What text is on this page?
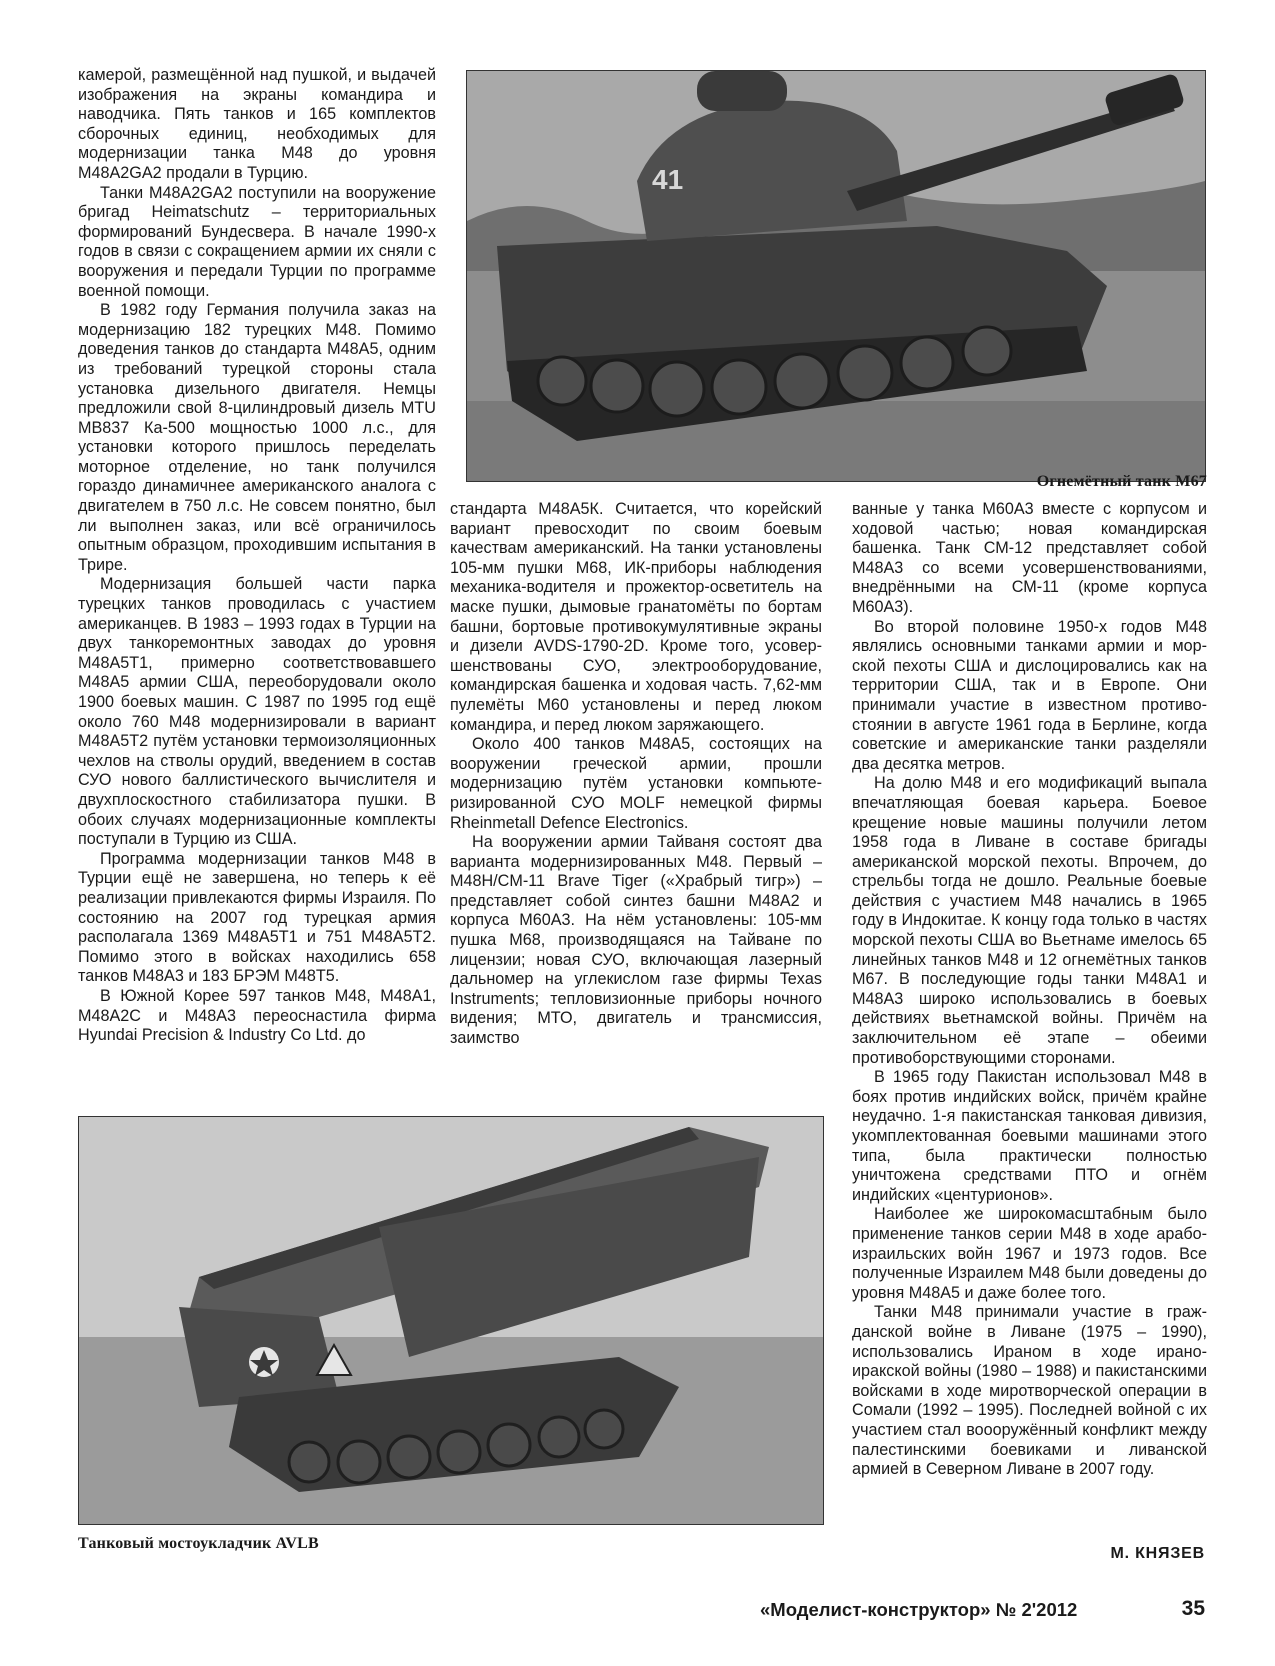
камерой, размещённой над пушкой, и выдачей изображения на экраны командира и наводчика. Пять танков и 165 комплектов сборочных единиц, необходимых для модернизации танка М48 до уровня M48A2GA2 продали в Турцию.

Танки M48A2GA2 поступили на вооружение бригад Heimatschutz – территориальных формирований Бундесвера. В начале 1990-х годов в связи с сокращением армии их сняли с вооружения и передали Турции по программе военной помощи.

В 1982 году Германия получила заказ на модернизацию 182 турецких М48. Помимо доведения танков до стандарта М48А5, одним из требований турецкой стороны стала установка дизельного двигателя. Немцы предложили свой 8-цилиндровый дизель MTU MB837 Ка-500 мощностью 1000 л.с., для установки которого пришлось переделать моторное отделение, но танк получился гораздо динамичнее американского аналога с двигателем в 750 л.с. Не совсем понятно, был ли выполнен заказ, или всё ограничилось опытным образцом, проходившим испытания в Трире.

Модернизация большей части парка турецких танков проводилась с участием американцев. В 1983 – 1993 годах в Турции на двух танкоремонтных заводах до уровня М48А5Т1, примерно соответствовавшего М48А5 армии США, переоборудовали около 1900 боевых машин. С 1987 по 1995 год ещё около 760 М48 модернизировали в вариант М48А5Т2 путём установки термоизоляционных чехлов на стволы орудий, введением в состав СУО нового баллистического вычислителя и двухплоскостного стабилизатора пушки. В обоих случаях модернизационные комплекты поступали в Турцию из США.

Программа модернизации танков М48 в Турции ещё не завершена, но теперь к её реализации привлекаются фирмы Израиля. По состоянию на 2007 год турецкая армия располагала 1369 М48А5Т1 и 751 М48А5Т2. Помимо этого в войсках находились 658 танков М48А3 и 183 БРЭМ М48Т5.

В Южной Корее 597 танков М48, М48А1, М48А2С и М48А3 переоснастила фирма Hyundai Precision & Industry Co Ltd. до

41
Огнемётный танк М67

стандарта М48А5К. Считается, что корейский вариант превосходит по своим боевым качествам американский. На танки установлены 105-мм пушки М68, ИК-приборы наблюдения механика-водителя и прожектор-осветитель на маске пушки, дымовые гранатомёты по бортам башни, бортовые противокумулятивные экраны и дизели AVDS-1790-2D. Кроме того, усовершенствованы СУО, электрооборудование, командирская башенка и ходовая часть. 7,62-мм пулемёты М60 установлены и перед люком командира, и перед люком заряжающего.

Около 400 танков М48А5, состоящих на вооружении греческой армии, прошли модернизацию путём установки компьютеризированной СУО MOLF немецкой фирмы Rheinmetall Defence Electronics.

На вооружении армии Тайваня состоят два варианта модернизированных М48. Первый – M48H/CM-11 Brave Tiger («Храбрый тигр») – представляет собой синтез башни М48А2 и корпуса М60А3. На нём установлены: 105-мм пушка М68, производящаяся на Тайване по лицензии; новая СУО, включающая лазерный дальномер на углекислом газе фирмы Texas Instruments; тепловизионные приборы ночного видения; МТО, двигатель и трансмиссия, заимство

ванные у танка М60А3 вместе с корпусом и ходовой частью; новая командирская башенка. Танк СМ-12 представляет собой М48А3 со всеми усовершенствованиями, внедрёнными на СМ-11 (кроме корпуса М60А3).

Во второй половине 1950-х годов М48 являлись основными танками армии и морской пехоты США и дислоцировались как на территории США, так и в Европе. Они принимали участие в известном противостоянии в августе 1961 года в Берлине, когда советские и американские танки разделяли два десятка метров.

На долю М48 и его модификаций выпала впечатляющая боевая карьера. Боевое крещение новые машины получили летом 1958 года в Ливане в составе бригады американской морской пехоты. Впрочем, до стрельбы тогда не дошло. Реальные боевые действия с участием М48 начались в 1965 году в Индокитае. К концу года только в частях морской пехоты США во Вьетнаме имелось 65 линейных танков М48 и 12 огнемётных танков М67. В последующие годы танки М48А1 и М48А3 широко использовались в боевых действиях вьетнамской войны. Причём на заключительном её этапе – обеими противоборствующими сторонами.

В 1965 году Пакистан использовал М48 в боях против индийских войск, причём крайне неудачно. 1-я пакистанская танковая дивизия, укомплектованная боевыми машинами этого типа, была практически полностью уничтожена средствами ПТО и огнём индийских «центурионов».

Наиболее же широкомасштабным было применение танков серии М48 в ходе арабо-израильских войн 1967 и 1973 годов. Все полученные Израилем М48 были доведены до уровня М48А5 и даже более того.

Танки М48 принимали участие в гражданской войне в Ливане (1975 – 1990), использовались Ираном в ходе ирано-иракской войны (1980 – 1988) и пакистанскими войсками в ходе миротворческой операции в Сомали (1992 – 1995). Последней войной с их участием стал воооружённый конфликт между палестинскими боевиками и ливанской армией в Северном Ливане в 2007 году.

Танковый мостоукладчик AVLB
М. КНЯЗЕВ
«Моделист-конструктор» № 2'2012	35
